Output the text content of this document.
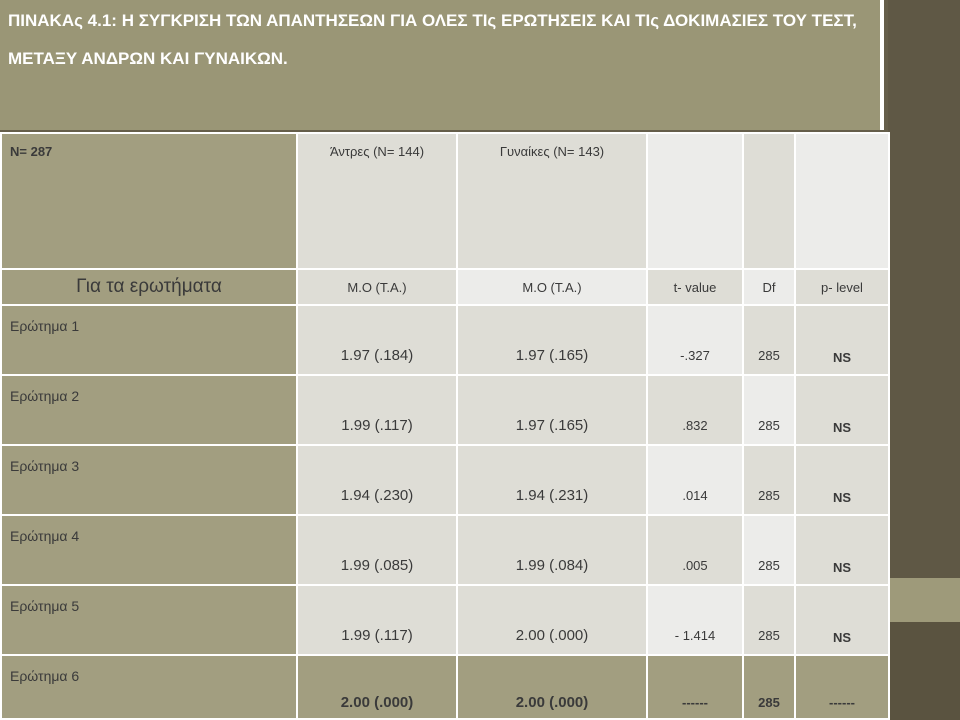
ΠΙΝΑΚΑς 4.1: Η ΣΥΓΚΡΙΣΗ ΤΩΝ ΑΠΑΝΤΗΣΕΩΝ ΓΙΑ ΟΛΕΣ ΤΙς ΕΡΩΤΗΣΕΙΣ ΚΑΙ ΤΙς ΔΟΚΙΜΑΣΙΕΣ ΤΟΥ ΤΕΣΤ, ΜΕΤΑΞΥ ΑΝΔΡΩΝ ΚΑΙ ΓΥΝΑΙΚΩΝ.
N= 287	Άντρες (N= 144)	Γυναίκες (N= 143)			
Για τα ερωτήματα	M.O (T.A.)	M.O (T.A.)	t- value	Df	p- level
Ερώτημα 1	1.97 (.184)	1.97 (.165)	-.327	285	NS
Ερώτημα 2	1.99 (.117)	1.97 (.165)	.832	285	NS
Ερώτημα 3	1.94 (.230)	1.94 (.231)	.014	285	NS
Ερώτημα 4	1.99 (.085)	1.99 (.084)	.005	285	NS
Ερώτημα 5	1.99 (.117)	2.00 (.000)	- 1.414	285	NS
Ερώτημα 6	2.00 (.000)	2.00 (.000)	------	285	------
